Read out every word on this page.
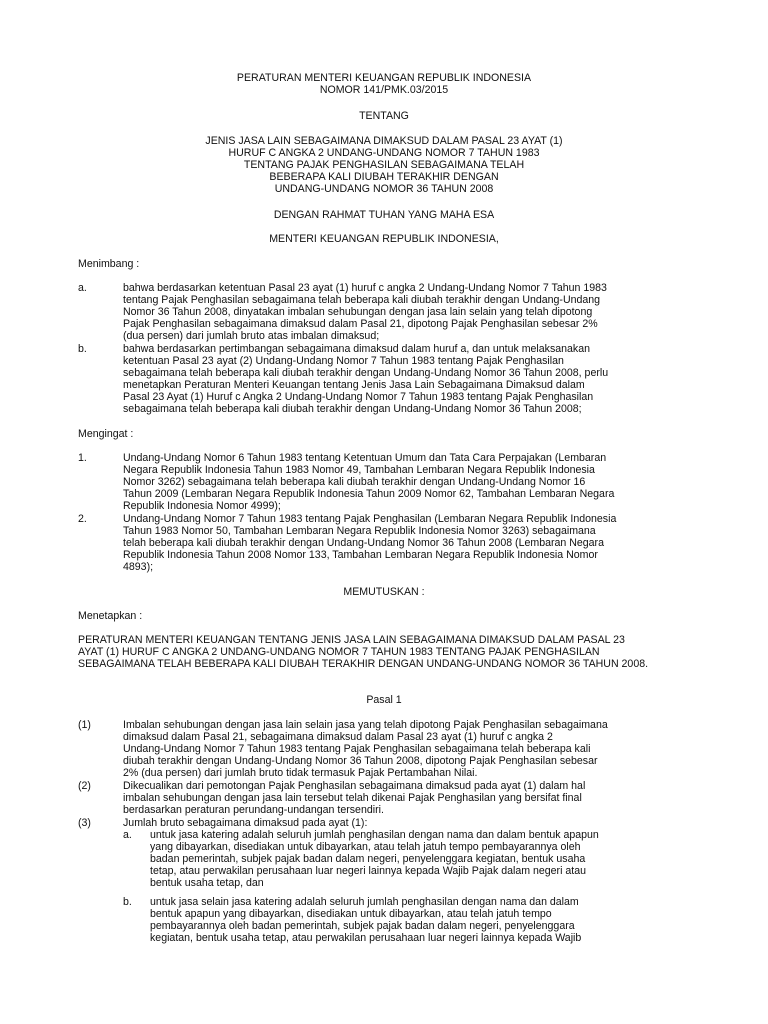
PERATURAN MENTERI KEUANGAN REPUBLIK INDONESIA
NOMOR 141/PMK.03/2015
TENTANG
JENIS JASA LAIN SEBAGAIMANA DIMAKSUD DALAM PASAL 23 AYAT (1)
HURUF C ANGKA 2 UNDANG-UNDANG NOMOR 7 TAHUN 1983
TENTANG PAJAK PENGHASILAN SEBAGAIMANA TELAH
BEBERAPA KALI DIUBAH TERAKHIR DENGAN
UNDANG-UNDANG NOMOR 36 TAHUN 2008
DENGAN RAHMAT TUHAN YANG MAHA ESA
MENTERI KEUANGAN REPUBLIK INDONESIA,
Menimbang :
a.	bahwa berdasarkan ketentuan Pasal 23 ayat (1) huruf c angka 2 Undang-Undang Nomor 7 Tahun 1983
tentang Pajak Penghasilan sebagaimana telah beberapa kali diubah terakhir dengan Undang-Undang
Nomor 36 Tahun 2008, dinyatakan imbalan sehubungan dengan jasa lain selain yang telah dipotong
Pajak Penghasilan sebagaimana dimaksud dalam Pasal 21, dipotong Pajak Penghasilan sebesar 2%
(dua persen) dari jumlah bruto atas imbalan dimaksud;
b.	bahwa berdasarkan pertimbangan sebagaimana dimaksud dalam huruf a, dan untuk melaksanakan
ketentuan Pasal 23 ayat (2) Undang-Undang Nomor 7 Tahun 1983 tentang Pajak Penghasilan
sebagaimana telah beberapa kali diubah terakhir dengan Undang-Undang Nomor 36 Tahun 2008, perlu
menetapkan Peraturan Menteri Keuangan tentang Jenis Jasa Lain Sebagaimana Dimaksud dalam
Pasal 23 Ayat (1) Huruf c Angka 2 Undang-Undang Nomor 7 Tahun 1983 tentang Pajak Penghasilan
sebagaimana telah beberapa kali diubah terakhir dengan Undang-Undang Nomor 36 Tahun 2008;
Mengingat :
1.	Undang-Undang Nomor 6 Tahun 1983 tentang Ketentuan Umum dan Tata Cara Perpajakan (Lembaran
Negara Republik Indonesia Tahun 1983 Nomor 49, Tambahan Lembaran Negara Republik Indonesia
Nomor 3262) sebagaimana telah beberapa kali diubah terakhir dengan Undang-Undang Nomor 16
Tahun 2009 (Lembaran Negara Republik Indonesia Tahun 2009 Nomor 62, Tambahan Lembaran Negara
Republik Indonesia Nomor 4999);
2.	Undang-Undang Nomor 7 Tahun 1983 tentang Pajak Penghasilan (Lembaran Negara Republik Indonesia
Tahun 1983 Nomor 50, Tambahan Lembaran Negara Republik Indonesia Nomor 3263) sebagaimana
telah beberapa kali diubah terakhir dengan Undang-Undang Nomor 36 Tahun 2008 (Lembaran Negara
Republik Indonesia Tahun 2008 Nomor 133, Tambahan Lembaran Negara Republik Indonesia Nomor
4893);
MEMUTUSKAN :
Menetapkan :
PERATURAN MENTERI KEUANGAN TENTANG JENIS JASA LAIN SEBAGAIMANA DIMAKSUD DALAM PASAL 23
AYAT (1) HURUF C ANGKA 2 UNDANG-UNDANG NOMOR 7 TAHUN 1983 TENTANG PAJAK PENGHASILAN
SEBAGAIMANA TELAH BEBERAPA KALI DIUBAH TERAKHIR DENGAN UNDANG-UNDANG NOMOR 36 TAHUN 2008.
Pasal 1
(1)	Imbalan sehubungan dengan jasa lain selain jasa yang telah dipotong Pajak Penghasilan sebagaimana
dimaksud dalam Pasal 21, sebagaimana dimaksud dalam Pasal 23 ayat (1) huruf c angka 2
Undang-Undang Nomor 7 Tahun 1983 tentang Pajak Penghasilan sebagaimana telah beberapa kali
diubah terakhir dengan Undang-Undang Nomor 36 Tahun 2008, dipotong Pajak Penghasilan sebesar
2% (dua persen) dari jumlah bruto tidak termasuk Pajak Pertambahan Nilai.
(2)	Dikecualikan dari pemotongan Pajak Penghasilan sebagaimana dimaksud pada ayat (1) dalam hal
imbalan sehubungan dengan jasa lain tersebut telah dikenai Pajak Penghasilan yang bersifat final
berdasarkan peraturan perundang-undangan tersendiri.
(3)	Jumlah bruto sebagaimana dimaksud pada ayat (1):
a. untuk jasa katering adalah seluruh jumlah penghasilan dengan nama dan dalam bentuk apapun
yang dibayarkan, disediakan untuk dibayarkan, atau telah jatuh tempo pembayarannya oleh
badan pemerintah, subjek pajak badan dalam negeri, penyelenggara kegiatan, bentuk usaha
tetap, atau perwakilan perusahaan luar negeri lainnya kepada Wajib Pajak dalam negeri atau
bentuk usaha tetap, dan
b. untuk jasa selain jasa katering adalah seluruh jumlah penghasilan dengan nama dan dalam
bentuk apapun yang dibayarkan, disediakan untuk dibayarkan, atau telah jatuh tempo
pembayarannya oleh badan pemerintah, subjek pajak badan dalam negeri, penyelenggara
kegiatan, bentuk usaha tetap, atau perwakilan perusahaan luar negeri lainnya kepada Wajib
